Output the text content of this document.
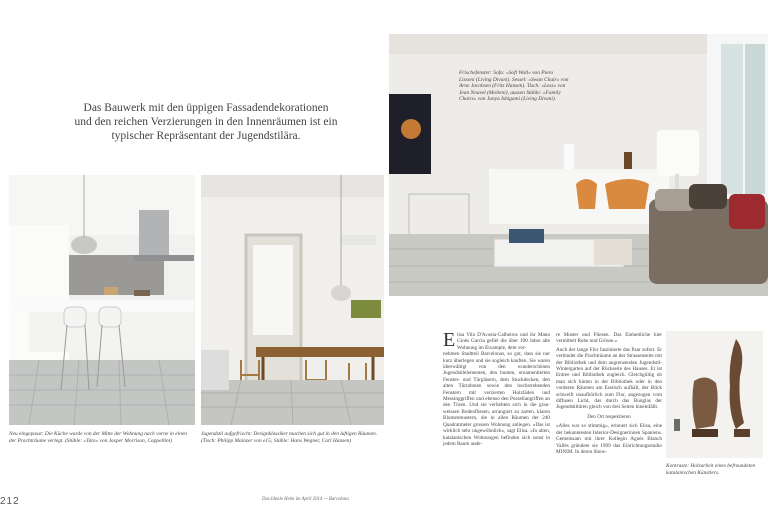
Das Bauwerk mit den üppigen Fassadendekorationen
und den reichen Verzierungen in den Innenräumen ist ein
typischer Repräsentant der Jugendstilära.
Neu eingepasst: Die Küche wurde von der Mitte der Wohnung nach vorne in einen der Prachträume verlegt. (Stühle: «Tato» von Jasper Morrison, Cappellini)
Jugendstil aufgefrischt: Designklassiker machen sich gut in den luftigen Räumen. (Tisch: Philipp Mainzer von e15; Stühle: Hans Wegner, Carl Hansen)
Frischefenster: Sofa: «Soft Wall» von Piero Lissoni (Living Divani). Sessel: «Swan Chair» von Arne Jacobsen (Fritz Hansen). Tisch: «Less» von Jean Nouvel (Molteni), aussen Stühle: «Family Chairs» von Junya Ishigami (Living Divani).
Kontraste: Holzarbeit eines befreundeten katalanischen Künstlers.
E lisa Vila D'Acosta-Calheiros und ihr Mann Ginés Garcia gefiel die über 100 Jahre alte Wohnung im Eixample, dem vor-
nehmen Stadtteil Barcelonas, so gut, dass sie nur kurz überlegen und sie sogleich kauften. Sie waren überwältigt von den wunderschönen Jugendstilelementen, den bunten, ornamentierten Fenster- und Türgläsern, dem Stuckdecken, den alten Türrahmen sowie den hochstrebenden Fenstern mit verzierten Holzläden und Messinggriffen und ebenso den Porzellangriffen an den Türen. Und sie verliebten sich in die grau-weissen Bodenfliesen, arrangiert zu zarten, klaren Blumenmustern, die in allen Räumen der 240 Quadratmeter grossen Wohnung anliegen. «Das ist wirklich sehr ungewöhnlich», sagt Elisa. «In alten, katalanischen Wohnungen befinden sich sonst in jedem Raum ande-
re Muster und Fliesen. Das Einheitliche hier vermittelt Ruhe und Grösse.»
Auch der lange Flur faszinierte das Paar sofort. Er verbindet die Prachträume an der Strassenseite mit der Bibliothek und dem angrenzenden Jugendstil-Wintergarten auf der Rückseite des Hauses. Er ist Entree und Bibliothek zugleich. Gleichgültig ob man sich hinten in der Bibliothek oder in den vorderen Räumen am Esstisch aufhält, der Blick schweift unaufhörlich zum Flur, angezogen vom diffusen Licht, das durch das Bunglas der Jugendstiltüren gleich von drei Seiten hineinfällt.
Den Ort respektieren
«Alles war so stimmig», erinnert sich Elisa, eine der bekanntesten Interior-Designerinnen Spaniens. Gemeinsam mit ihrer Kollegin Agnès Blanch Vallès gründete sie 1999 das Einrichtungsstudio MINIM. In deren Show-
212	Das Ideale Heim im April 2014 — Barcelona
